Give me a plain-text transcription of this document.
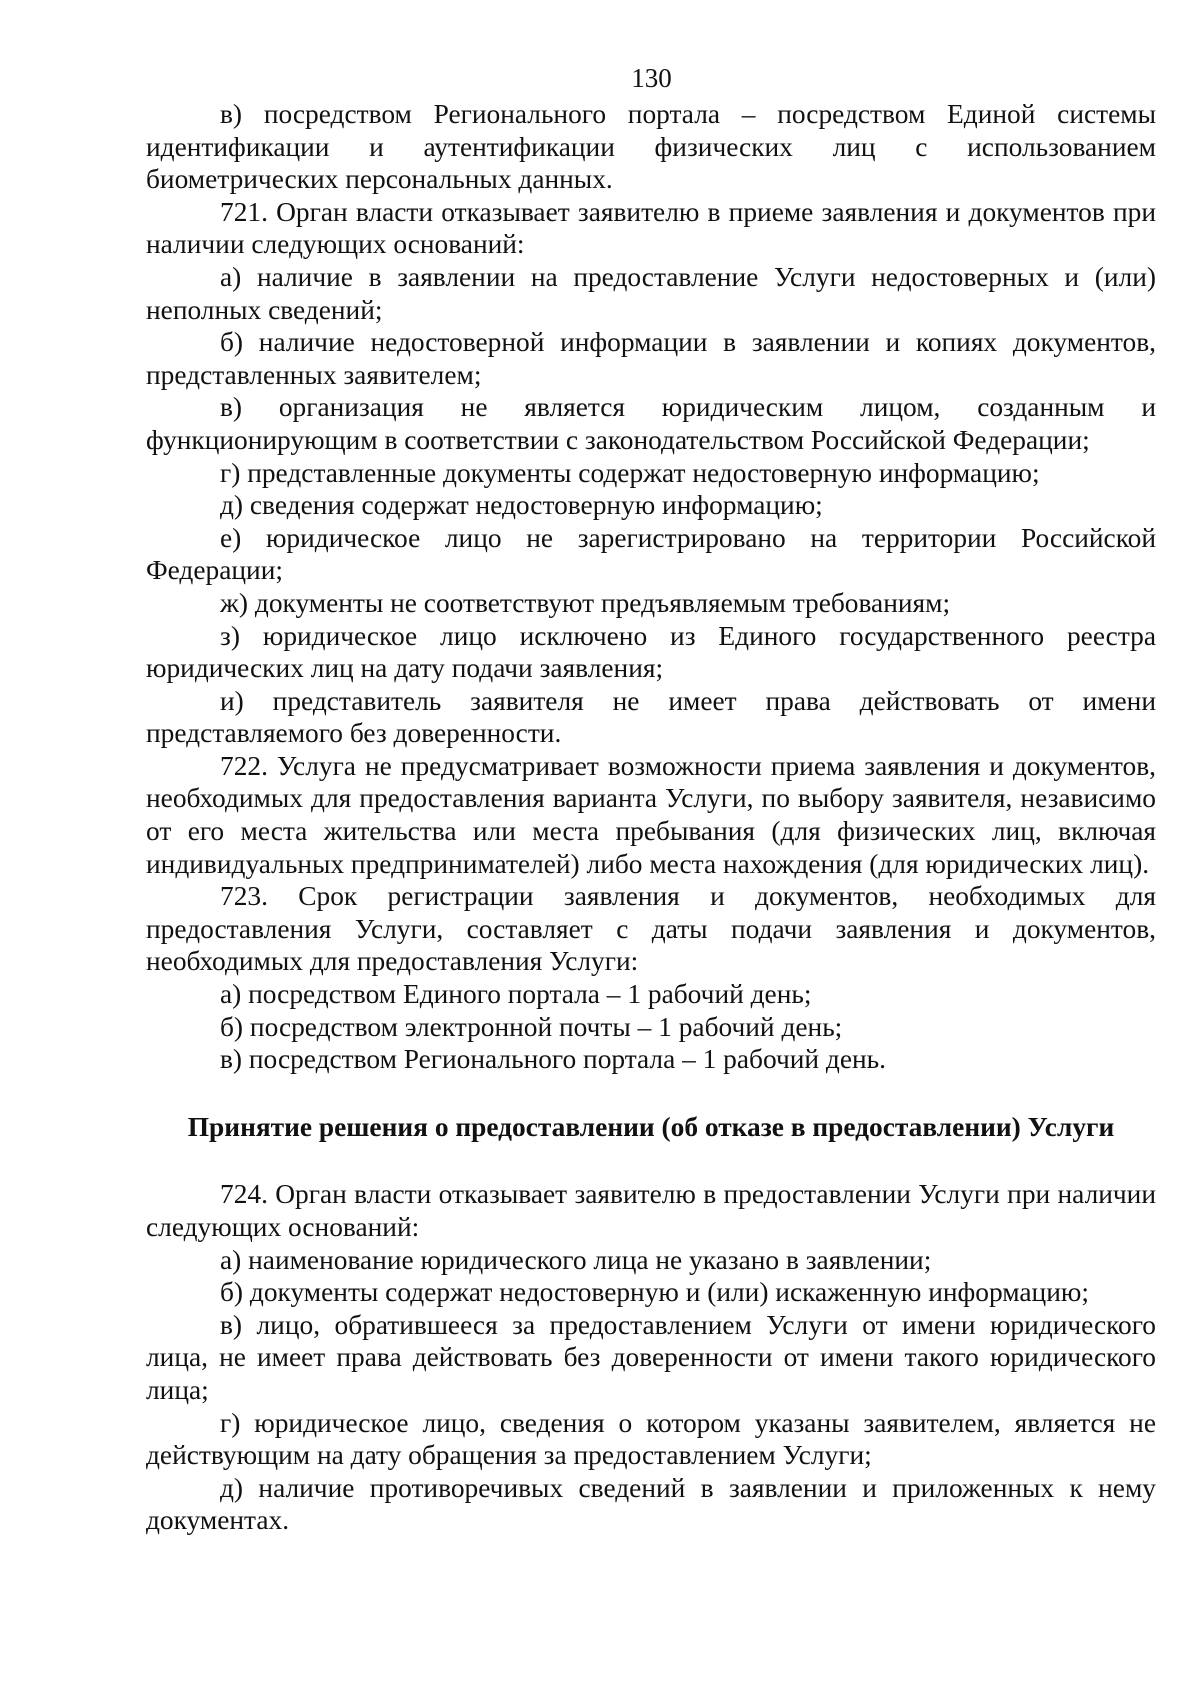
130

в) посредством Регионального портала – посредством Единой системы идентификации и аутентификации физических лиц с использованием биометрических персональных данных.

721. Орган власти отказывает заявителю в приеме заявления и документов при наличии следующих оснований:

а) наличие в заявлении на предоставление Услуги недостоверных и (или) неполных сведений;

б) наличие недостоверной информации в заявлении и копиях документов, представленных заявителем;

в) организация не является юридическим лицом, созданным и функционирующим в соответствии с законодательством Российской Федерации;

г) представленные документы содержат недостоверную информацию;

д) сведения содержат недостоверную информацию;

е) юридическое лицо не зарегистрировано на территории Российской Федерации;

ж) документы не соответствуют предъявляемым требованиям;

з) юридическое лицо исключено из Единого государственного реестра юридических лиц на дату подачи заявления;

и) представитель заявителя не имеет права действовать от имени представляемого без доверенности.

722. Услуга не предусматривает возможности приема заявления и документов, необходимых для предоставления варианта Услуги, по выбору заявителя, независимо от его места жительства или места пребывания (для физических лиц, включая индивидуальных предпринимателей) либо места нахождения (для юридических лиц).

723. Срок регистрации заявления и документов, необходимых для предоставления Услуги, составляет с даты подачи заявления и документов, необходимых для предоставления Услуги:

а) посредством Единого портала – 1 рабочий день;

б) посредством электронной почты – 1 рабочий день;

в) посредством Регионального портала – 1 рабочий день.

Принятие решения о предоставлении (об отказе в предоставлении) Услуги

724. Орган власти отказывает заявителю в предоставлении Услуги при наличии следующих оснований:

а) наименование юридического лица не указано в заявлении;

б) документы содержат недостоверную и (или) искаженную информацию;

в) лицо, обратившееся за предоставлением Услуги от имени юридического лица, не имеет права действовать без доверенности от имени такого юридического лица;

г) юридическое лицо, сведения о котором указаны заявителем, является не действующим на дату обращения за предоставлением Услуги;

д) наличие противоречивых сведений в заявлении и приложенных к нему документах.
